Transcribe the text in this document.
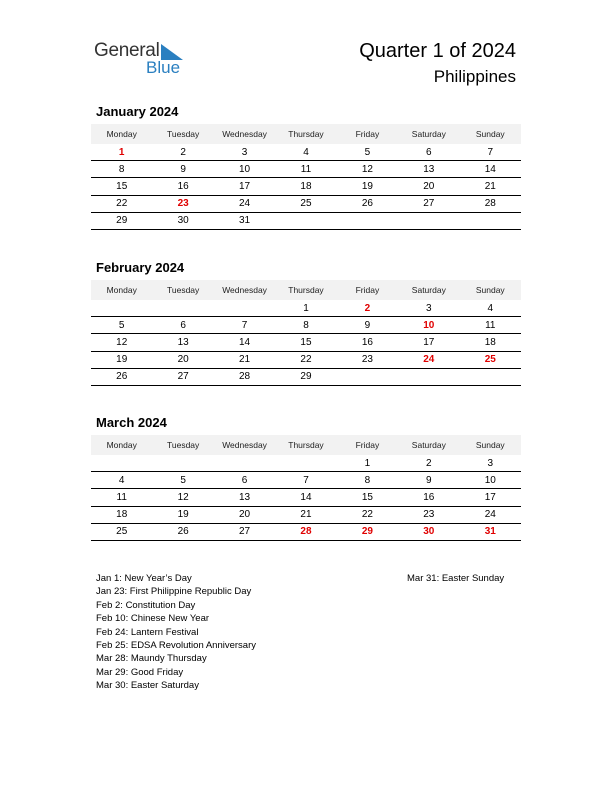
General
Blue
Quarter 1 of 2024
Philippines
January 2024
Monday	Tuesday	Wednesday	Thursday	Friday	Saturday	Sunday
1	2	3	4	5	6	7
8	9	10	11	12	13	14
15	16	17	18	19	20	21
22	23	24	25	26	27	28
29	30	31				
February 2024
Monday	Tuesday	Wednesday	Thursday	Friday	Saturday	Sunday
			1	2	3	4
5	6	7	8	9	10	11
12	13	14	15	16	17	18
19	20	21	22	23	24	25
26	27	28	29			
March 2024
Monday	Tuesday	Wednesday	Thursday	Friday	Saturday	Sunday
				1	2	3
4	5	6	7	8	9	10
11	12	13	14	15	16	17
18	19	20	21	22	23	24
25	26	27	28	29	30	31
Jan 1: New Year’s Day
Jan 23: First Philippine Republic Day
Feb 2: Constitution Day
Feb 10: Chinese New Year
Feb 24: Lantern Festival
Feb 25: EDSA Revolution Anniversary
Mar 28: Maundy Thursday
Mar 29: Good Friday
Mar 30: Easter Saturday
Mar 31: Easter Sunday
